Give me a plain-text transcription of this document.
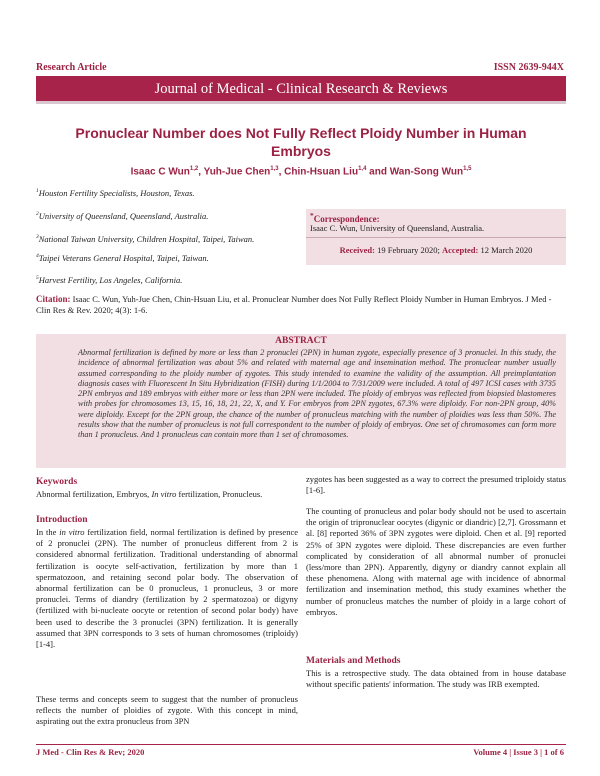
Research Article	ISSN 2639-944X
Journal of Medical - Clinical Research & Reviews
Pronuclear Number does Not Fully Reflect Ploidy Number in Human
Embryos
Isaac C Wun$^{1,2}$, Yuh-Jue Chen$^{1,3}$, Chin-Hsuan Liu$^{1,4}$ and Wan-Song Wun$^{1,5}$
$^1$Houston Fertility Specialists, Houston, Texas.
$^2$University of Queensland, Queensland, Australia.
$^3$National Taiwan University, Children Hospital, Taipei, Taiwan.
$^4$Taipei Veterans General Hospital, Taipei, Taiwan.
$^5$Harvest Fertility, Los Angeles, California.
*Correspondence:
Isaac C. Wun, University of Queensland, Australia.
Received: 19 February 2020; Accepted: 12 March 2020
Citation: Isaac C. Wun, Yuh-Jue Chen, Chin-Hsuan Liu, et al. Pronuclear Number does Not Fully Reflect Ploidy Number in Human Embryos. J Med - Clin Res & Rev. 2020; 4(3): 1-6.
ABSTRACT
Abnormal fertilization is defined by more or less than 2 pronuclei (2PN) in human zygote, especially presence of 3 pronuclei. In this study, the incidence of abnormal fertilization was about 5% and related with maternal age and insemination method. The pronuclear number usually assumed corresponding to the ploidy number of zygotes. This study intended to examine the validity of the assumption. All preimplantation diagnosis cases with Fluorescent In Situ Hybridization (FISH) during 1/1/2004 to 7/31/2009 were included. A total of 497 ICSI cases with 3735 2PN embryos and 189 embryos with either more or less than 2PN were included. The ploidy of embryos was reflected from biopsied blastomeres with probes for chromosomes 13, 15, 16, 18, 21, 22, X, and Y. For embryos from 2PN zygotes, 67.3% were diploidy. For non-2PN group, 40% were diploidy. Except for the 2PN group, the chance of the number of pronucleus matching with the number of ploidies was less than 50%. The results show that the number of pronucleus is not full correspondent to the number of ploidy of embryos. One set of chromosomes can form more than 1 pronucleus. And 1 pronucleus can contain more than 1 set of chromosomes.
Keywords
Abnormal fertilization, Embryos, In vitro fertilization, Pronucleus.
Introduction
In the in vitro fertilization field, normal fertilization is defined by presence of 2 pronuclei (2PN). The number of pronucleus different from 2 is considered abnormal fertilization. Traditional understanding of abnormal fertilization is oocyte self-activation, fertilization by more than 1 spermatozoon, and retaining second polar body. The observation of abnormal fertilization can be 0 pronucleus, 1 pronucleus, 3 or more pronuclei. Terms of diandry (fertilization by 2 spermatozoa) or digyny (fertilized with bi-nucleate oocyte or retention of second polar body) have been used to describe the 3 pronuclei (3PN) fertilization. It is generally assumed that 3PN corresponds to 3 sets of human chromosomes (triploidy) [1-4].
These terms and concepts seem to suggest that the number of pronucleus reflects the number of ploidies of zygote. With this concept in mind, aspirating out the extra pronucleus from 3PN
zygotes has been suggested as a way to correct the presumed triploidy status [1-6].
The counting of pronucleus and polar body should not be used to ascertain the origin of tripronuclear oocytes (digynic or diandric) [2,7]. Grossmann et al. [8] reported 36% of 3PN zygotes were diploid. Chen et al. [9] reported 25% of 3PN zygotes were diploid. These discrepancies are even further complicated by consideration of all abnormal number of pronuclei (less/more than 2PN). Apparently, digyny or diandry cannot explain all these phenomena. Along with maternal age with incidence of abnormal fertilization and insemination method, this study examines whether the number of pronucleus matches the number of ploidy in a large cohort of embryos.
Materials and Methods
This is a retrospective study. The data obtained from in house database without specific patients' information. The study was IRB exempted.
J Med - Clin Res & Rev; 2020	Volume 4 | Issue 3 | 1 of 6
